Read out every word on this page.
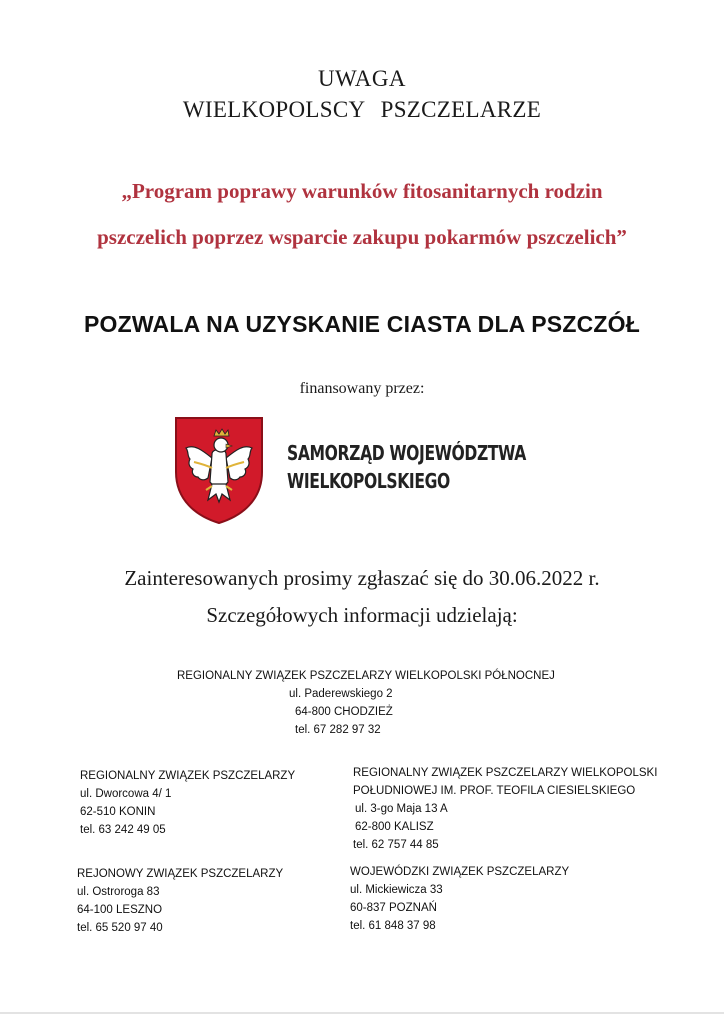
UWAGA
WIELKOPOLSCY PSZCZELARZE
„Program poprawy warunków fitosanitarnych rodzin
pszczelich poprzez wsparcie zakupu pokarmów pszczelich”
POZWALA NA UZYSKANIE CIASTA DLA PSZCZÓŁ
finansowany przez:
SAMORZĄD WOJEWÓDZTWA
WIELKOPOLSKIEGO
Zainteresowanych prosimy zgłaszać się do 30.06.2022 r.
Szczegółowych informacji udzielają:
REGIONALNY ZWIĄZEK PSZCZELARZY WIELKOPOLSKI PÓŁNOCNEJ
ul. Paderewskiego 2
64-800 CHODZIEŻ
tel. 67 282 97 32
REGIONALNY ZWIĄZEK PSZCZELARZY
ul. Dworcowa 4/ 1
62-510 KONIN
tel. 63 242 49 05
REGIONALNY ZWIĄZEK PSZCZELARZY WIELKOPOLSKI
POŁUDNIOWEJ IM. PROF. TEOFILA CIESIELSKIEGO
ul. 3-go Maja 13 A
62-800 KALISZ
tel. 62 757 44 85
REJONOWY ZWIĄZEK PSZCZELARZY
ul. Ostroroga 83
64-100 LESZNO
tel. 65 520 97 40
WOJEWÓDZKI ZWIĄZEK PSZCZELARZY
ul. Mickiewicza 33
60-837 POZNAŃ
tel. 61 848 37 98
